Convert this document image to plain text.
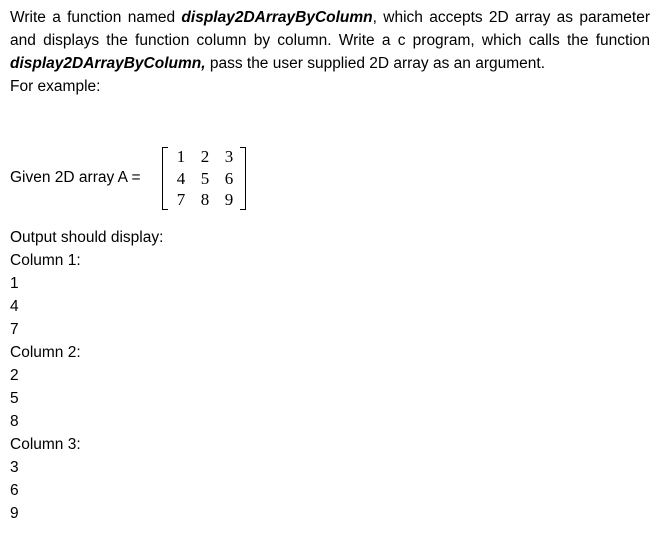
Write a function named display2DArrayByColumn, which accepts 2D array as parameter and displays the function column by column. Write a c program, which calls the function display2DArrayByColumn, pass the user supplied 2D array as an argument.

For example:

Given 2D array A =
1 2 3
4 5 6
7 8 9

Output should display:

Column 1:

1

4

7

Column 2:

2

5

8

Column 3:

3

6

9
